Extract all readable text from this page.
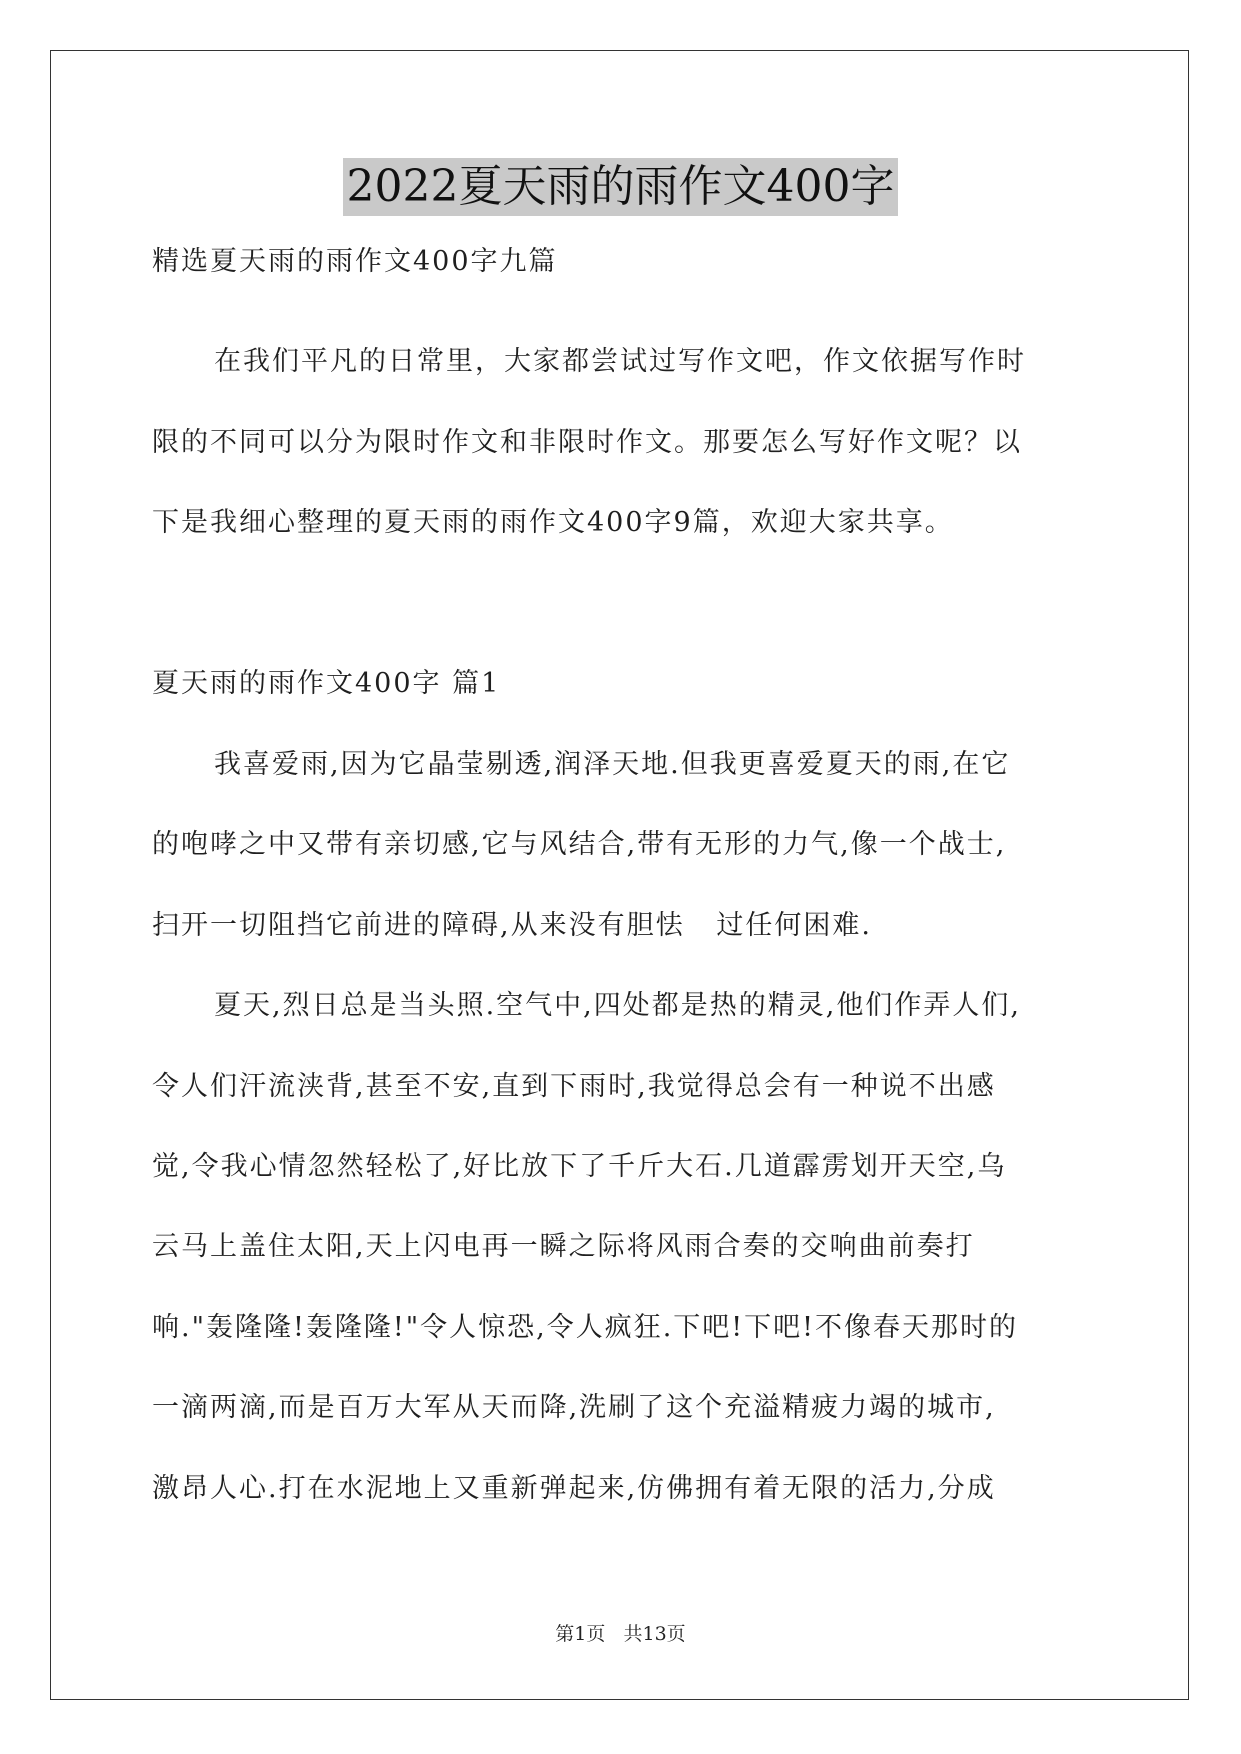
2022夏天雨的雨作文400字
精选夏天雨的雨作文400字九篇
在我们平凡的日常里，大家都尝试过写作文吧，作文依据写作时
限的不同可以分为限时作文和非限时作文。那要怎么写好作文呢？以
下是我细心整理的夏天雨的雨作文400字9篇，欢迎大家共享。
夏天雨的雨作文400字 篇1
我喜爱雨,因为它晶莹剔透,润泽天地.但我更喜爱夏天的雨,在它
的咆哮之中又带有亲切感,它与风结合,带有无形的力气,像一个战士,
扫开一切阻挡它前进的障碍,从来没有胆怯   过任何困难.
夏天,烈日总是当头照.空气中,四处都是热的精灵,他们作弄人们,
令人们汗流浃背,甚至不安,直到下雨时,我觉得总会有一种说不出感
觉,令我心情忽然轻松了,好比放下了千斤大石.几道霹雳划开天空,乌
云马上盖住太阳,天上闪电再一瞬之际将风雨合奏的交响曲前奏打
响."轰隆隆!轰隆隆!"令人惊恐,令人疯狂.下吧!下吧!不像春天那时的
一滴两滴,而是百万大军从天而降,洗刷了这个充溢精疲力竭的城市,
激昂人心.打在水泥地上又重新弹起来,仿佛拥有着无限的活力,分成
第1页   共13页
